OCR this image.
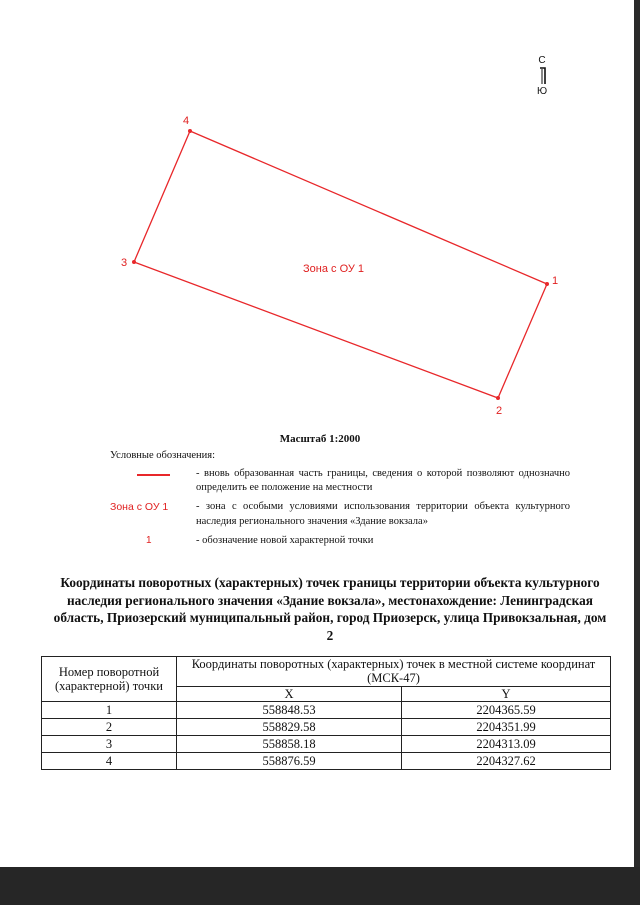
С
Ю
1
2
3
4
Зона с ОУ 1
Масштаб 1:2000
Условные обозначения:
- вновь образованная часть границы, сведения о которой позволяют однозначно определить ее положение на местности
Зона с ОУ 1	- зона с особыми условиями использования территории объекта культурного наследия регионального значения «Здание вокзала»
1	- обозначение новой характерной точки
Координаты поворотных (характерных) точек границы территории объекта культурного наследия регионального значения «Здание вокзала», местонахождение: Ленинградская область, Приозерский муниципальный район, город Приозерск, улица Привокзальная, дом 2
Номер поворотной (характерной) точки	Координаты поворотных (характерных) точек в местной системе координат (МСК-47)	
	X	Y
1	558848.53	2204365.59
2	558829.58	2204351.99
3	558858.18	2204313.09
4	558876.59	2204327.62
